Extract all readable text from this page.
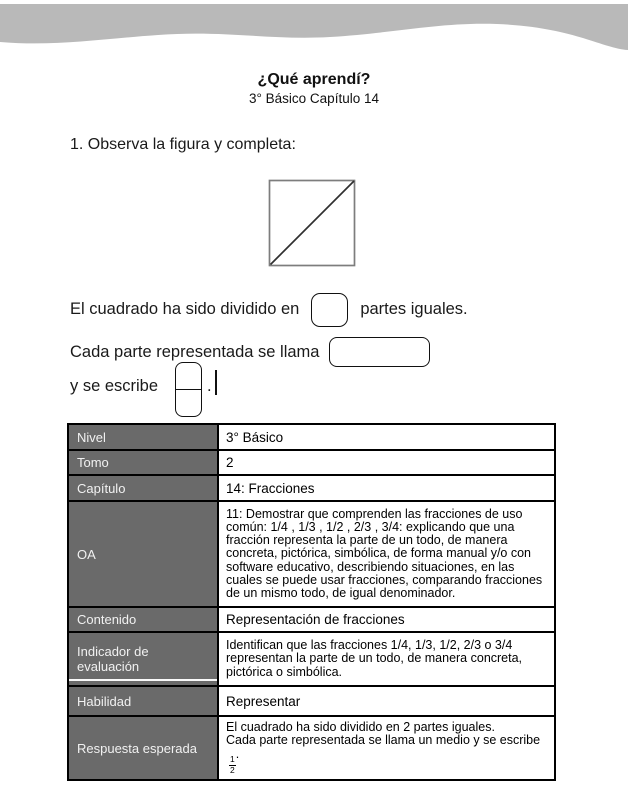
¿Qué aprendí?
3° Básico Capítulo 14
1. Observa la figura y completa:
El cuadrado ha sido dividido en	partes iguales.
Cada parte representada se llama
y se escribe	.
Nivel	3° Básico
Tomo	2
Capítulo	14: Fracciones
OA	11: Demostrar que comprenden las fracciones de uso común: 1/4 , 1/3 , 1/2 , 2/3 , 3/4: explicando que una fracción representa la parte de un todo, de manera concreta, pictórica, simbólica, de forma manual y/o con software educativo, describiendo situaciones, en las cuales se puede usar fracciones, comparando fracciones de un mismo todo, de igual denominador.
Contenido	Representación de fracciones
Indicador de evaluación	Identifican que las fracciones 1/4, 1/3, 1/2, 2/3 o 3/4 representan la parte de un todo, de manera concreta, pictórica o simbólica.
Habilidad	Representar
Respuesta esperada	El cuadrado ha sido dividido en 2 partes iguales.
Cada parte representada se llama un medio y se escribe
$\frac{1}{2}$
.
